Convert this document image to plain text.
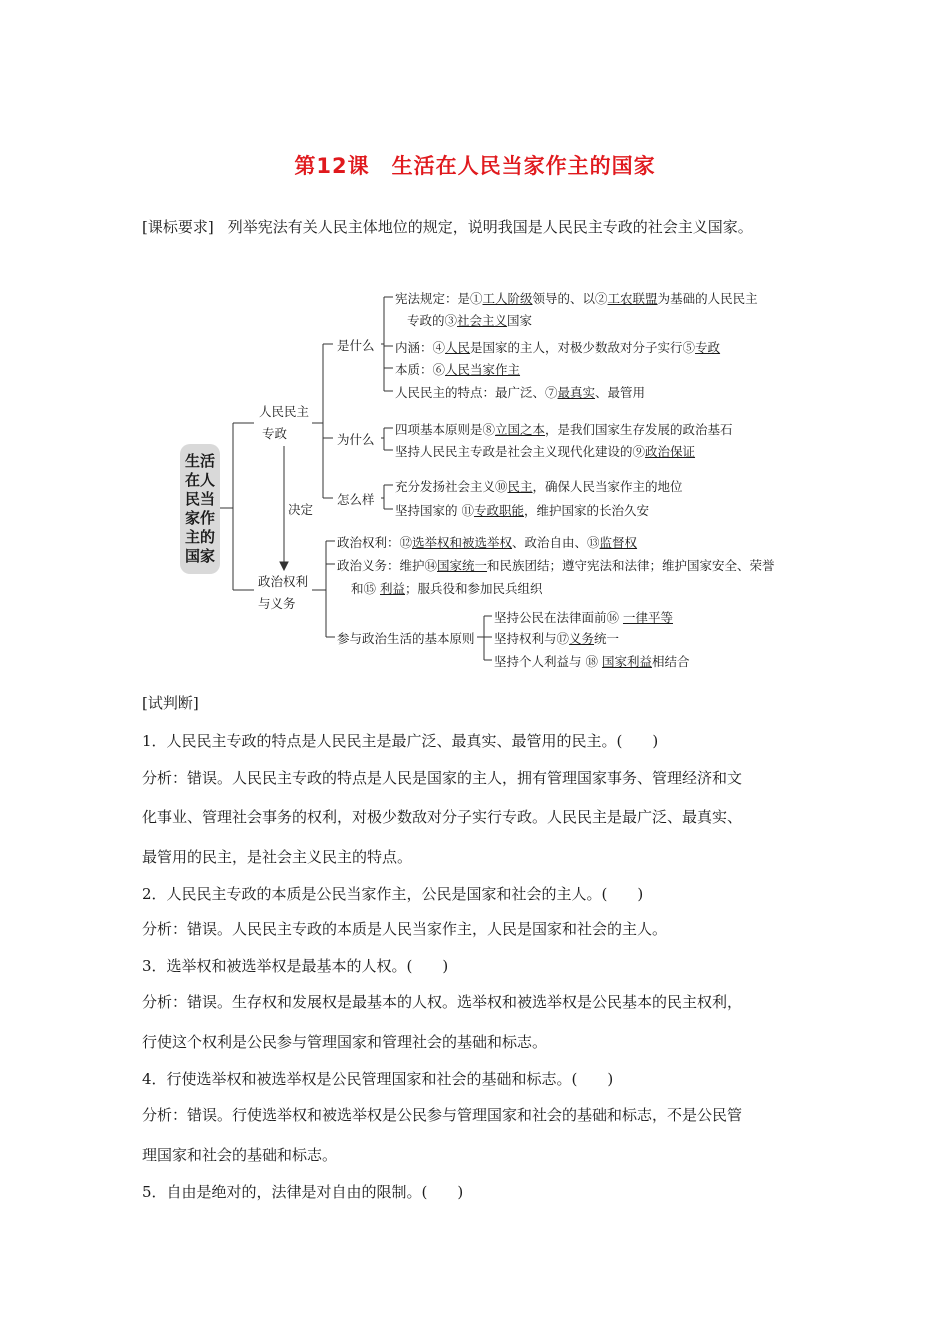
第12课　生活在人民当家作主的国家
[课标要求] 列举宪法有关人民主体地位的规定，说明我国是人民民主专政的社会主义国家。
生活
在人
民当
家作
主的
国家
人民民主
专政
决定
政治权利
与义务
是什么
为什么
怎么样
宪法规定：是①工人阶级领导的、以②工农联盟为基础的人民民主
专政的③社会主义国家
内涵：④人民是国家的主人，对极少数敌对分子实行⑤专政
本质：⑥人民当家作主
人民民主的特点：最广泛、⑦最真实、最管用
四项基本原则是⑧立国之本，是我们国家生存发展的政治基石
坚持人民民主专政是社会主义现代化建设的⑨政治保证
充分发扬社会主义⑩民主，确保人民当家作主的地位
坚持国家的 ⑪专政职能，维护国家的长治久安
政治权利：⑫选举权和被选举权、政治自由、⑬监督权
政治义务：维护⑭国家统一和民族团结；遵守宪法和法律；维护国家安全、荣誉
和⑮ 利益；服兵役和参加民兵组织
参与政治生活的基本原则
坚持公民在法律面前⑯ 一律平等
坚持权利与⑰义务统一
坚持个人利益与 ⑱ 国家利益相结合

[试判断]

1．人民民主专政的特点是人民民主是最广泛、最真实、最管用的民主。(　　)

分析：错误。人民民主专政的特点是人民是国家的主人，拥有管理国家事务、管理经济和文

化事业、管理社会事务的权利，对极少数敌对分子实行专政。人民民主是最广泛、最真实、

最管用的民主，是社会主义民主的特点。

2．人民民主专政的本质是公民当家作主，公民是国家和社会的主人。(　　)

分析：错误。人民民主专政的本质是人民当家作主，人民是国家和社会的主人。

3．选举权和被选举权是最基本的人权。(　　)

分析：错误。生存权和发展权是最基本的人权。选举权和被选举权是公民基本的民主权利，

行使这个权利是公民参与管理国家和管理社会的基础和标志。

4．行使选举权和被选举权是公民管理国家和社会的基础和标志。(　　)

分析：错误。行使选举权和被选举权是公民参与管理国家和社会的基础和标志，不是公民管

理国家和社会的基础和标志。

5．自由是绝对的，法律是对自由的限制。(　　)
